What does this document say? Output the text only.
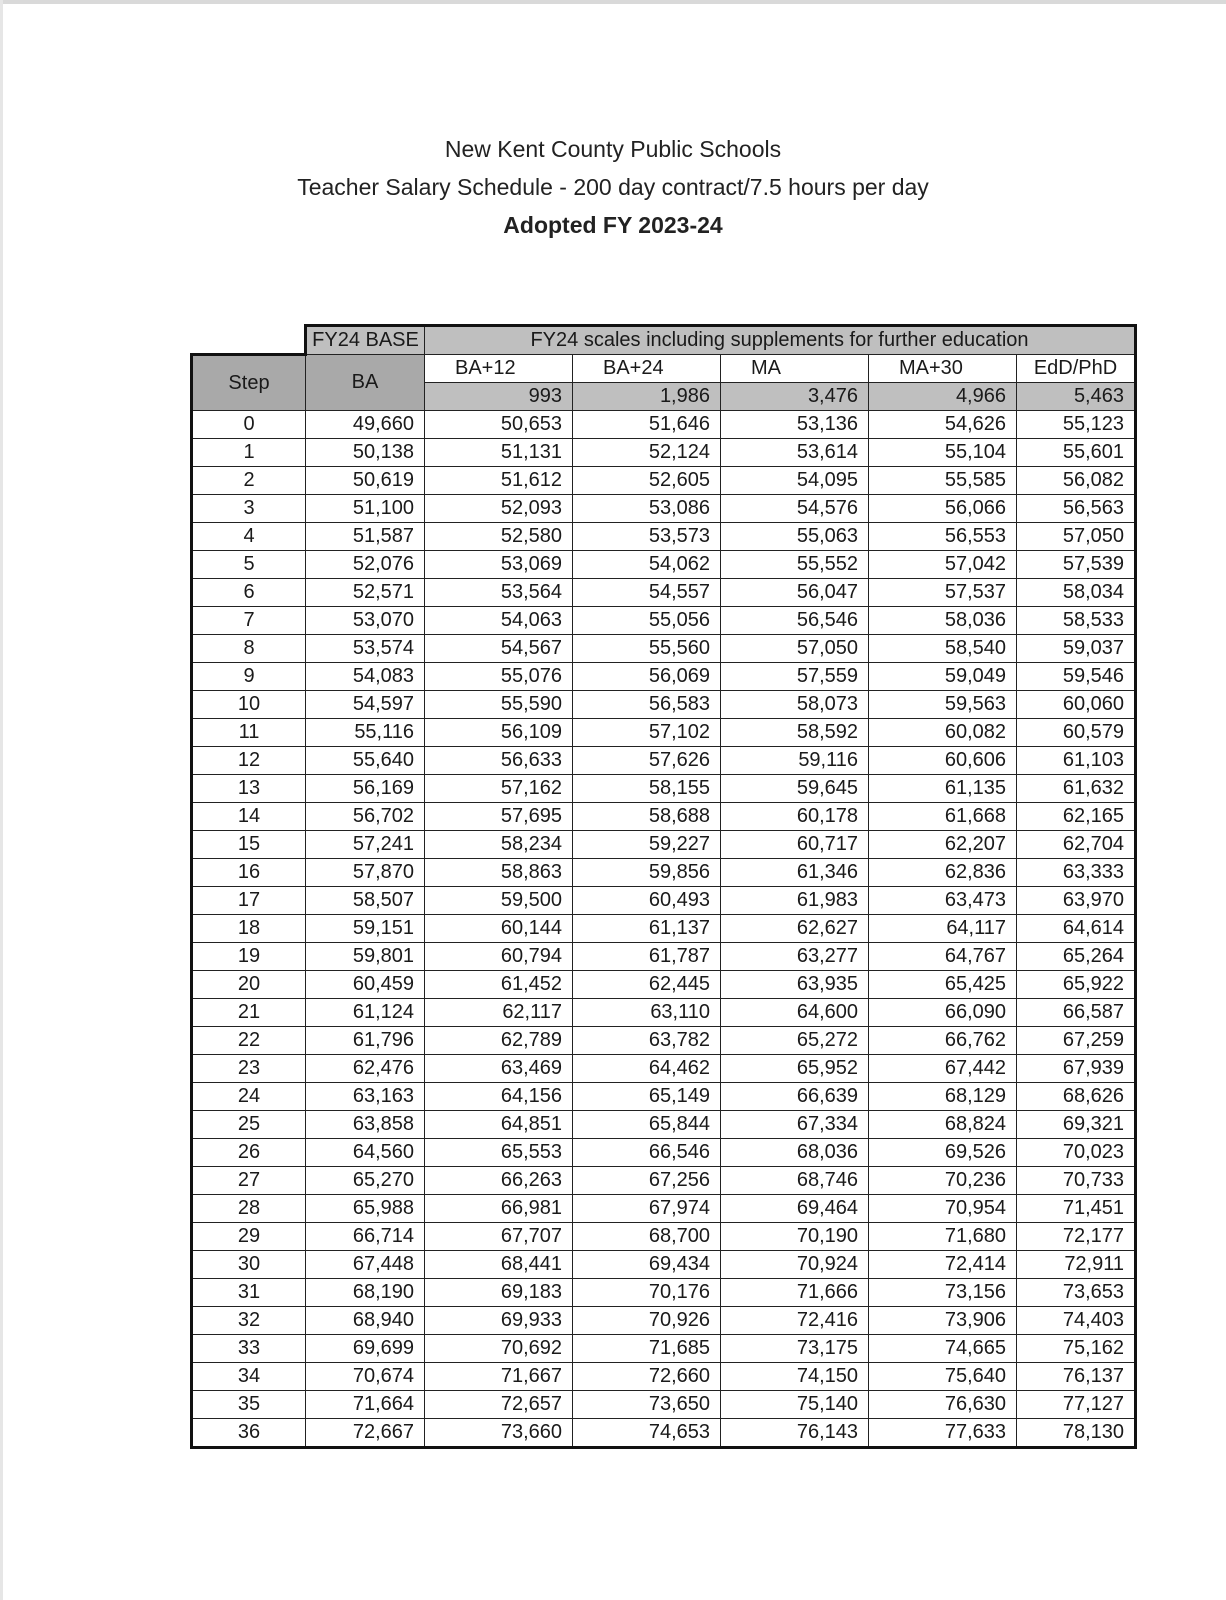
New Kent County Public Schools
Teacher Salary Schedule - 200 day contract/7.5 hours per day
Adopted FY 2023-24
	FY24 BASE	FY24 scales including supplements for further education				
Step	BA	BA+12	BA+24	MA	MA+30	EdD/PhD
		993	1,986	3,476	4,966	5,463
0	49,660	50,653	51,646	53,136	54,626	55,123
1	50,138	51,131	52,124	53,614	55,104	55,601
2	50,619	51,612	52,605	54,095	55,585	56,082
3	51,100	52,093	53,086	54,576	56,066	56,563
4	51,587	52,580	53,573	55,063	56,553	57,050
5	52,076	53,069	54,062	55,552	57,042	57,539
6	52,571	53,564	54,557	56,047	57,537	58,034
7	53,070	54,063	55,056	56,546	58,036	58,533
8	53,574	54,567	55,560	57,050	58,540	59,037
9	54,083	55,076	56,069	57,559	59,049	59,546
10	54,597	55,590	56,583	58,073	59,563	60,060
11	55,116	56,109	57,102	58,592	60,082	60,579
12	55,640	56,633	57,626	59,116	60,606	61,103
13	56,169	57,162	58,155	59,645	61,135	61,632
14	56,702	57,695	58,688	60,178	61,668	62,165
15	57,241	58,234	59,227	60,717	62,207	62,704
16	57,870	58,863	59,856	61,346	62,836	63,333
17	58,507	59,500	60,493	61,983	63,473	63,970
18	59,151	60,144	61,137	62,627	64,117	64,614
19	59,801	60,794	61,787	63,277	64,767	65,264
20	60,459	61,452	62,445	63,935	65,425	65,922
21	61,124	62,117	63,110	64,600	66,090	66,587
22	61,796	62,789	63,782	65,272	66,762	67,259
23	62,476	63,469	64,462	65,952	67,442	67,939
24	63,163	64,156	65,149	66,639	68,129	68,626
25	63,858	64,851	65,844	67,334	68,824	69,321
26	64,560	65,553	66,546	68,036	69,526	70,023
27	65,270	66,263	67,256	68,746	70,236	70,733
28	65,988	66,981	67,974	69,464	70,954	71,451
29	66,714	67,707	68,700	70,190	71,680	72,177
30	67,448	68,441	69,434	70,924	72,414	72,911
31	68,190	69,183	70,176	71,666	73,156	73,653
32	68,940	69,933	70,926	72,416	73,906	74,403
33	69,699	70,692	71,685	73,175	74,665	75,162
34	70,674	71,667	72,660	74,150	75,640	76,137
35	71,664	72,657	73,650	75,140	76,630	77,127
36	72,667	73,660	74,653	76,143	77,633	78,130
